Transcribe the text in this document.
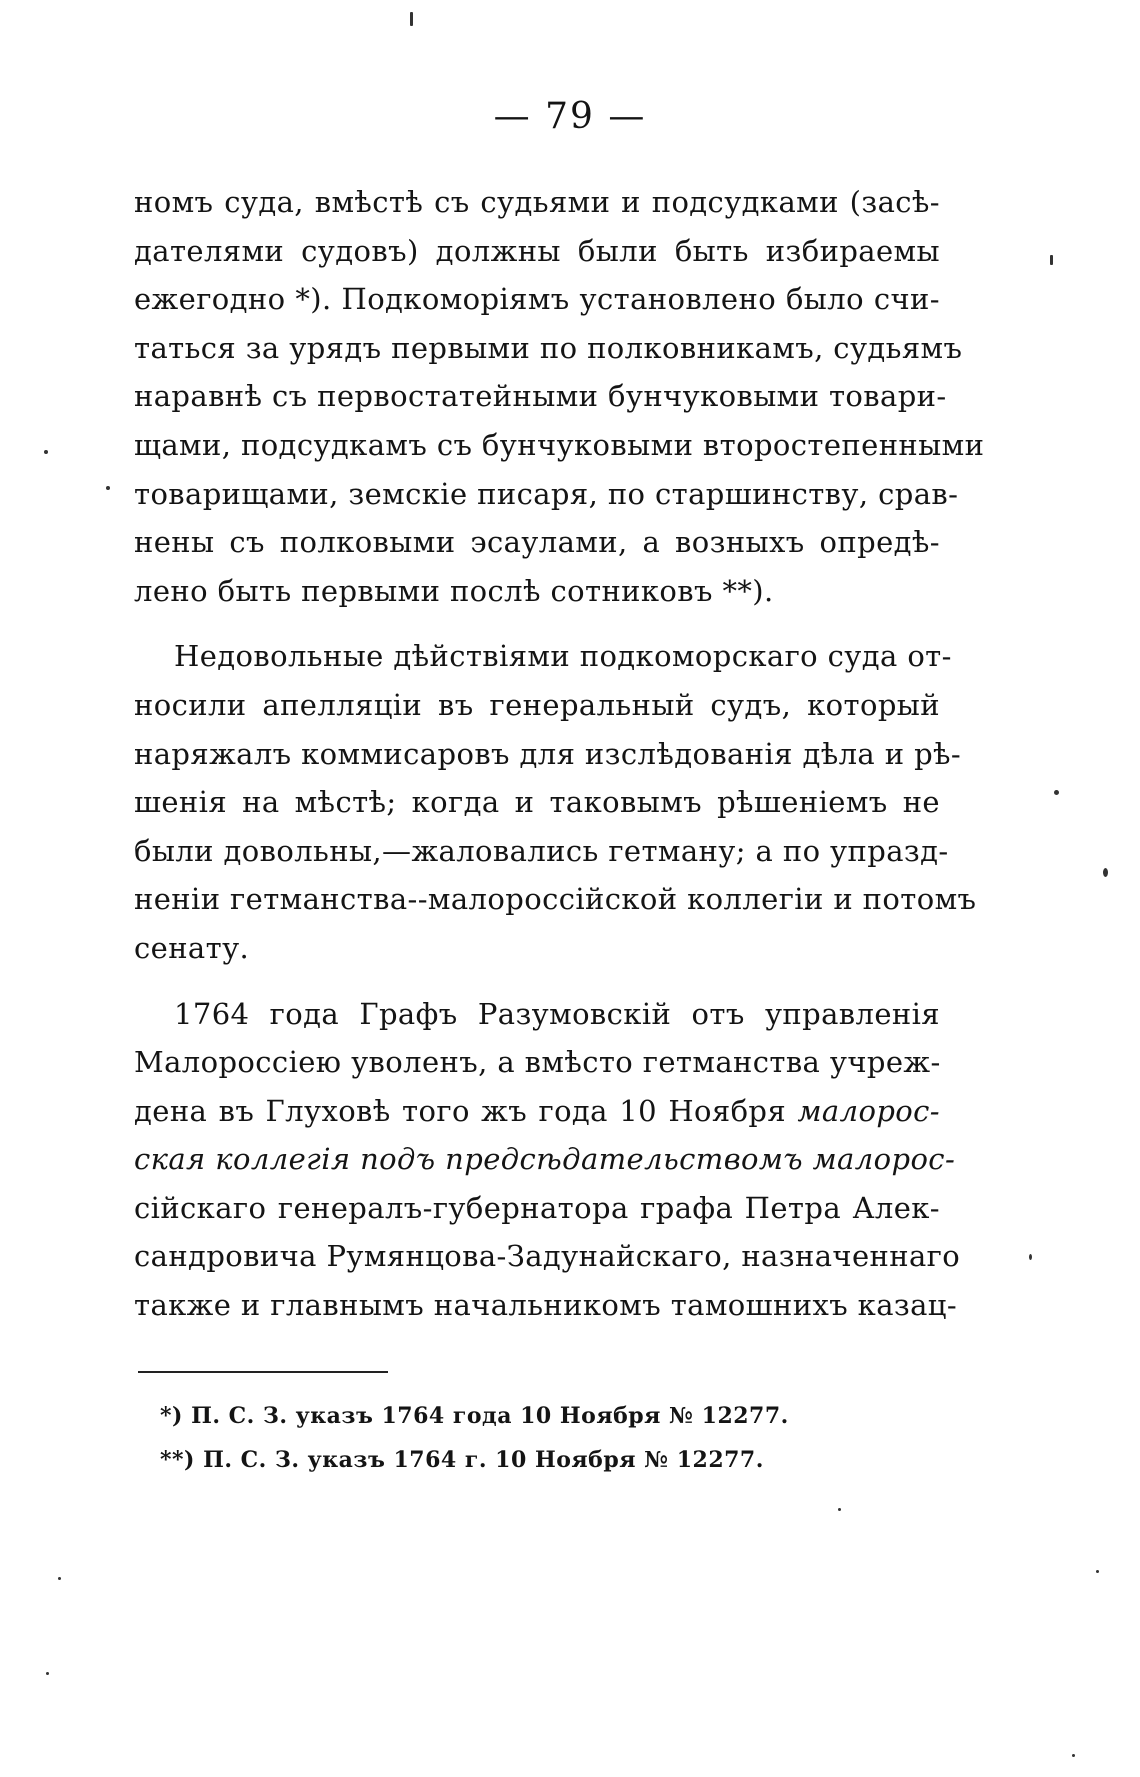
— 79 —
номъ суда, вмѣстѣ съ судьями и подсудками (засѣ-
дателями судовъ) должны были быть избираемы
ежегодно *). Подкоморіямъ установлено было счи-
таться за урядъ первыми по полковникамъ, судьямъ
наравнѣ съ первостатейными бунчуковыми товари-
щами, подсудкамъ съ бунчуковыми второстепенными
товарищами, земскіе писаря, по старшинству, срав-
нены съ полковыми эсаулами, а возныхъ опредѣ-
лено быть первыми послѣ сотниковъ **).
Недовольные дѣйствіями подкоморскаго суда от-
носили апелляціи въ генеральный судъ, который
наряжалъ коммисаровъ для изслѣдованія дѣла и рѣ-
шенія на мѣстѣ; когда и таковымъ рѣшеніемъ не
были довольны,—жаловались гетману; а по упразд-
неніи гетманства--малороссійской коллегіи и потомъ
сенату.
1764 года Графъ Разумовскій отъ управленія
Малороссіею уволенъ, а вмѣсто гетманства учреж-
дена въ Глуховѣ того жъ года 10 Ноября малорос-
ская коллегія подъ предсѣдательствомъ малорос-
сійскаго генералъ-губернатора графа Петра Алек-
сандровича Румянцова-Задунайскаго, назначеннаго
также и главнымъ начальникомъ тамошнихъ казац-
*) П. С. З. указъ 1764 года 10 Ноября № 12277.
**) П. С. З. указъ 1764 г. 10 Ноября № 12277.
